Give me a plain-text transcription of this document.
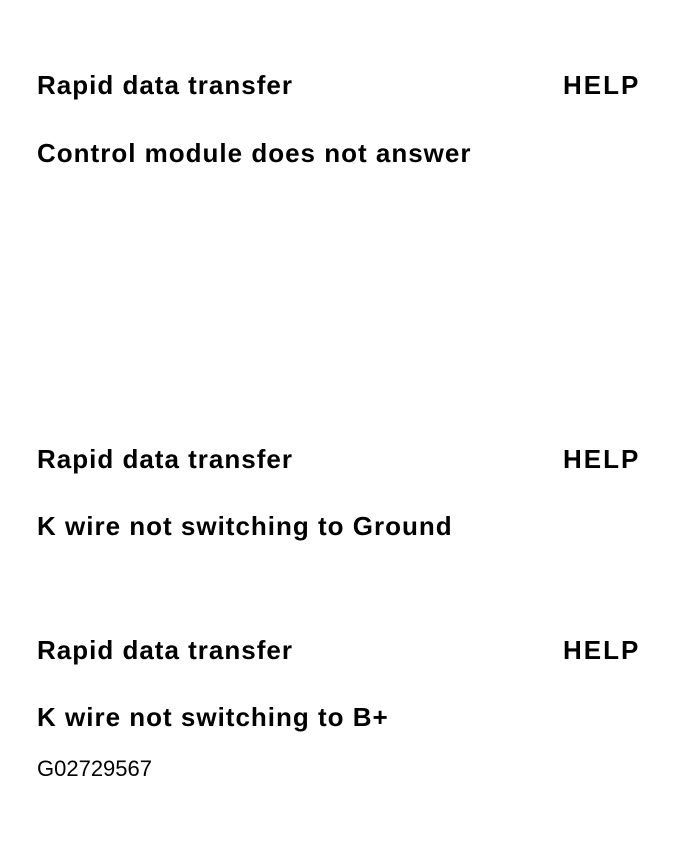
Rapid data transfer	HELP
Control module does not answer
Rapid data transfer	HELP
K wire not switching to Ground
Rapid data transfer	HELP
K wire not switching to B+
G02729567
